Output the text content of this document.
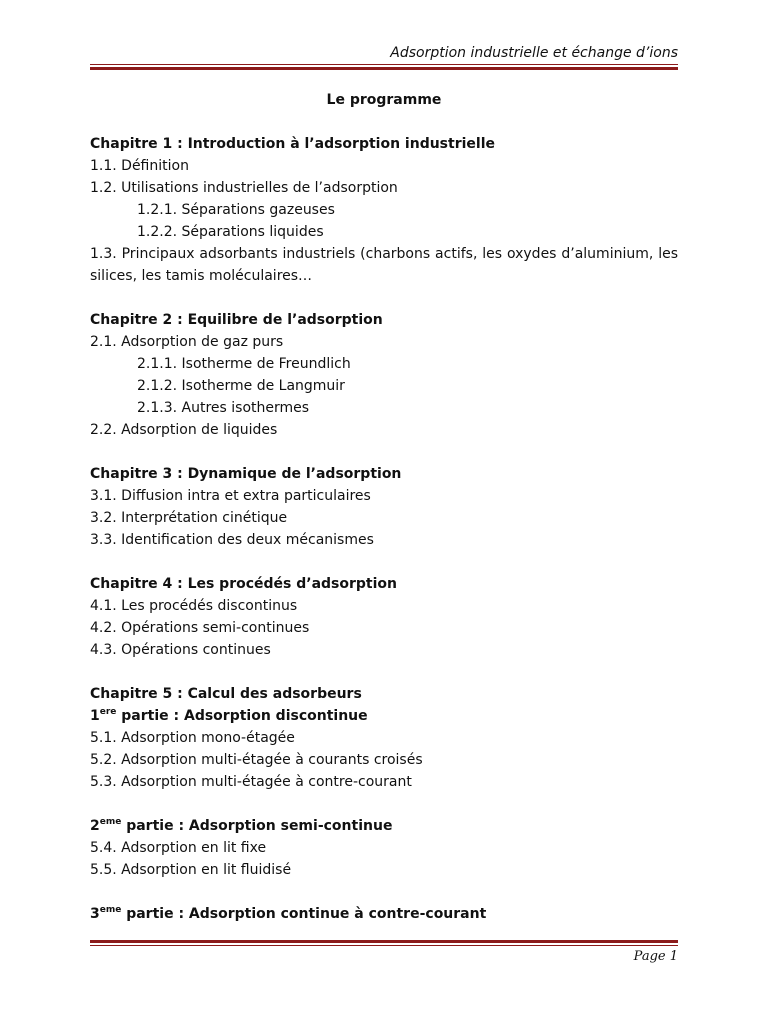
Adsorption industrielle et échange d’ions
Le programme
Chapitre 1 : Introduction à l’adsorption industrielle
1.1. Définition
1.2. Utilisations industrielles de l’adsorption
1.2.1. Séparations gazeuses
1.2.2. Séparations liquides
1.3. Principaux adsorbants industriels (charbons actifs, les oxydes d’aluminium, les silices, les tamis moléculaires…
Chapitre 2 : Equilibre de l’adsorption
2.1. Adsorption de gaz purs
2.1.1. Isotherme de Freundlich
2.1.2. Isotherme de Langmuir
2.1.3. Autres isothermes
2.2. Adsorption de liquides
Chapitre 3 : Dynamique de l’adsorption
3.1. Diffusion intra et extra particulaires
3.2. Interprétation cinétique
3.3. Identification des deux mécanismes
Chapitre 4 : Les procédés d’adsorption
4.1. Les procédés discontinus
4.2. Opérations semi-continues
4.3. Opérations continues
Chapitre 5 : Calcul des adsorbeurs
1ere partie : Adsorption discontinue
5.1. Adsorption mono-étagée
5.2. Adsorption multi-étagée à courants croisés
5.3. Adsorption multi-étagée à contre-courant
2eme partie : Adsorption semi-continue
5.4. Adsorption en lit fixe
5.5. Adsorption en lit fluidisé
3eme partie : Adsorption continue à contre-courant
Page 1
